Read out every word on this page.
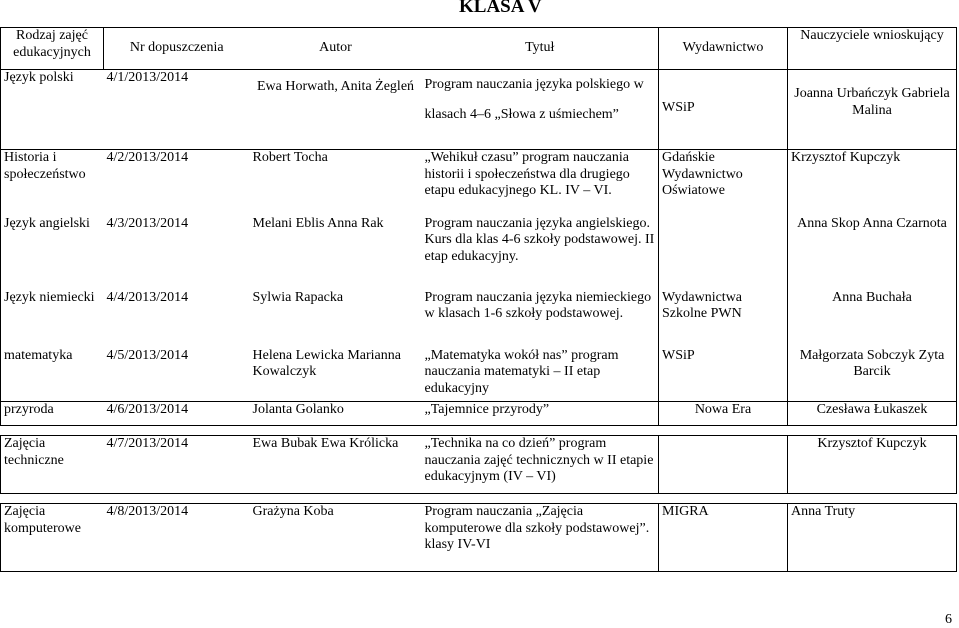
KLASA V
Rodzaj zajęć edukacyjnych	Nr dopuszczenia	Autor	Tytuł	Wydawnictwo	Nauczyciele wnioskujący
Język polski	4/1/2013/2014	Ewa Horwath, Anita Żegleń	Program nauczania języka polskiego w klasach 4–6 „Słowa z uśmiechem”	WSiP	Joanna Urbańczyk Gabriela Malina
Historia i społeczeństwo	4/2/2013/2014	Robert Tocha	„Wehikuł czasu” program nauczania historii i społeczeństwa dla drugiego etapu edukacyjnego KL. IV – VI.	Gdańskie Wydawnictwo Oświatowe	Krzysztof Kupczyk
Język angielski	4/3/2013/2014	Melani Eblis Anna Rak	Program nauczania języka angielskiego. Kurs dla klas 4-6 szkoły podstawowej. II etap edukacyjny.		Anna Skop Anna Czarnota
Język niemiecki	4/4/2013/2014	Sylwia Rapacka	Program nauczania języka niemieckiego w klasach 1-6 szkoły podstawowej.	Wydawnictwa Szkolne PWN	Anna Buchała
matematyka	4/5/2013/2014	Helena Lewicka Marianna Kowalczyk	„Matematyka wokół nas” program nauczania matematyki – II etap edukacyjny	WSiP	Małgorzata Sobczyk Zyta Barcik
przyroda	4/6/2013/2014	Jolanta Golanko	„Tajemnice przyrody”	Nowa Era	Czesława Łukaszek

Zajęcia techniczne	4/7/2013/2014	Ewa Bubak Ewa Królicka	„Technika na co dzień” program nauczania zajęć technicznych w II etapie edukacyjnym (IV – VI)		Krzysztof Kupczyk

Zajęcia komputerowe	4/8/2013/2014	Grażyna Koba	Program nauczania „Zajęcia komputerowe dla szkoły podstawowej”. klasy IV-VI	MIGRA	Anna Truty
6
